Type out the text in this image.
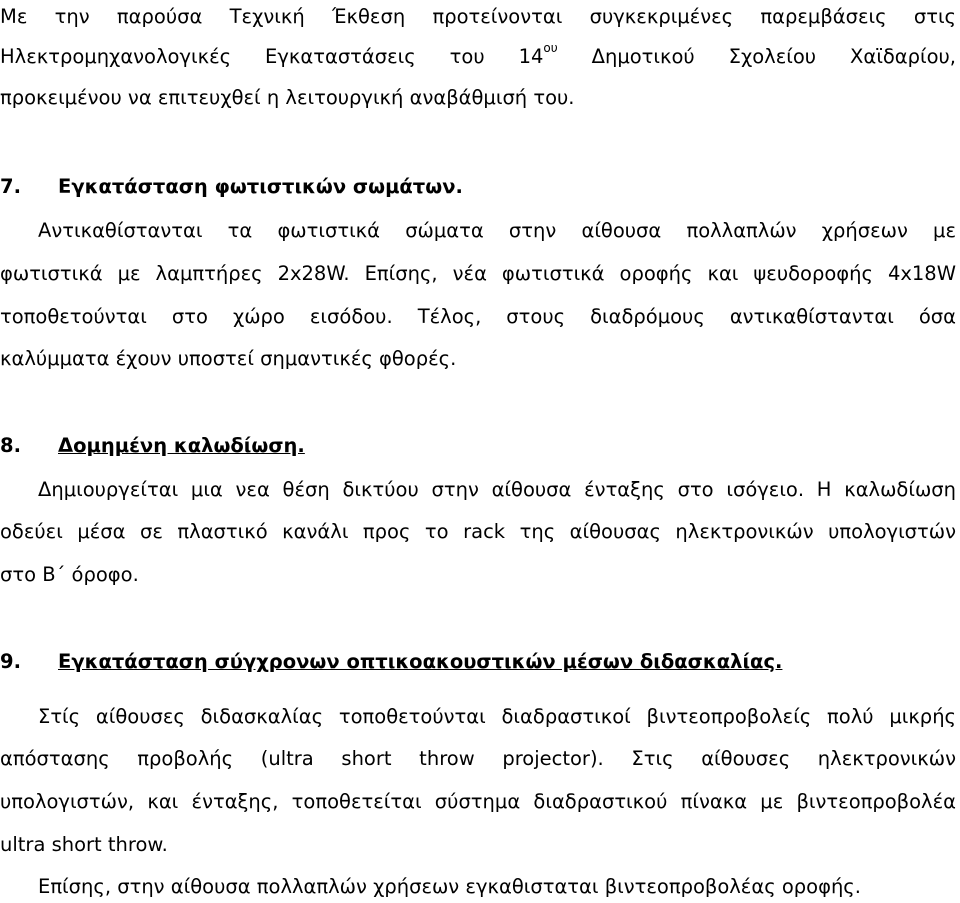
Με την παρούσα Τεχνική Έκθεση προτείνονται συγκεκριμένες παρεμβάσεις στις
Ηλεκτρομηχανολογικές Εγκαταστάσεις του $14^{o\upsilon}$ Δημοτικού Σχολείου Χαϊδαρίου,
προκειμένου να επιτευχθεί η λειτουργική αναβάθμισή του.
7. Εγκατάσταση φωτιστικών σωμάτων.
Αντικαθίστανται τα φωτιστικά σώματα στην αίθουσα πολλαπλών χρήσεων με
φωτιστικά με λαμπτήρες 2x28W. Επίσης, νέα φωτιστικά οροφής και ψευδοροφής 4x18W
τοποθετούνται στο χώρο εισόδου. Τέλος, στους διαδρόμους αντικαθίστανται όσα
καλύμματα έχουν υποστεί σημαντικές φθορές.
8. Δομημένη καλωδίωση.
Δημιουργείται μια νεα θέση δικτύου στην αίθουσα ένταξης στο ισόγειο. Η καλωδίωση
οδεύει μέσα σε πλαστικό κανάλι προς το rack της αίθουσας ηλεκτρονικών υπολογιστών
στο Β΄ όροφο.
9. Εγκατάσταση σύγχρονων οπτικοακουστικών μέσων διδασκαλίας.
Στίς αίθουσες διδασκαλίας τοποθετούνται διαδραστικοί βιντεοπροβολείς πολύ μικρής
απόστασης προβολής (ultra short throw projector). Στις αίθουσες ηλεκτρονικών
υπολογιστών, και ένταξης, τοποθετείται σύστημα διαδραστικού πίνακα με βιντεοπροβολέα
ultra short throw.
Επίσης, στην αίθουσα πολλαπλών χρήσεων εγκαθισταται βιντεοπροβολέας οροφής.
